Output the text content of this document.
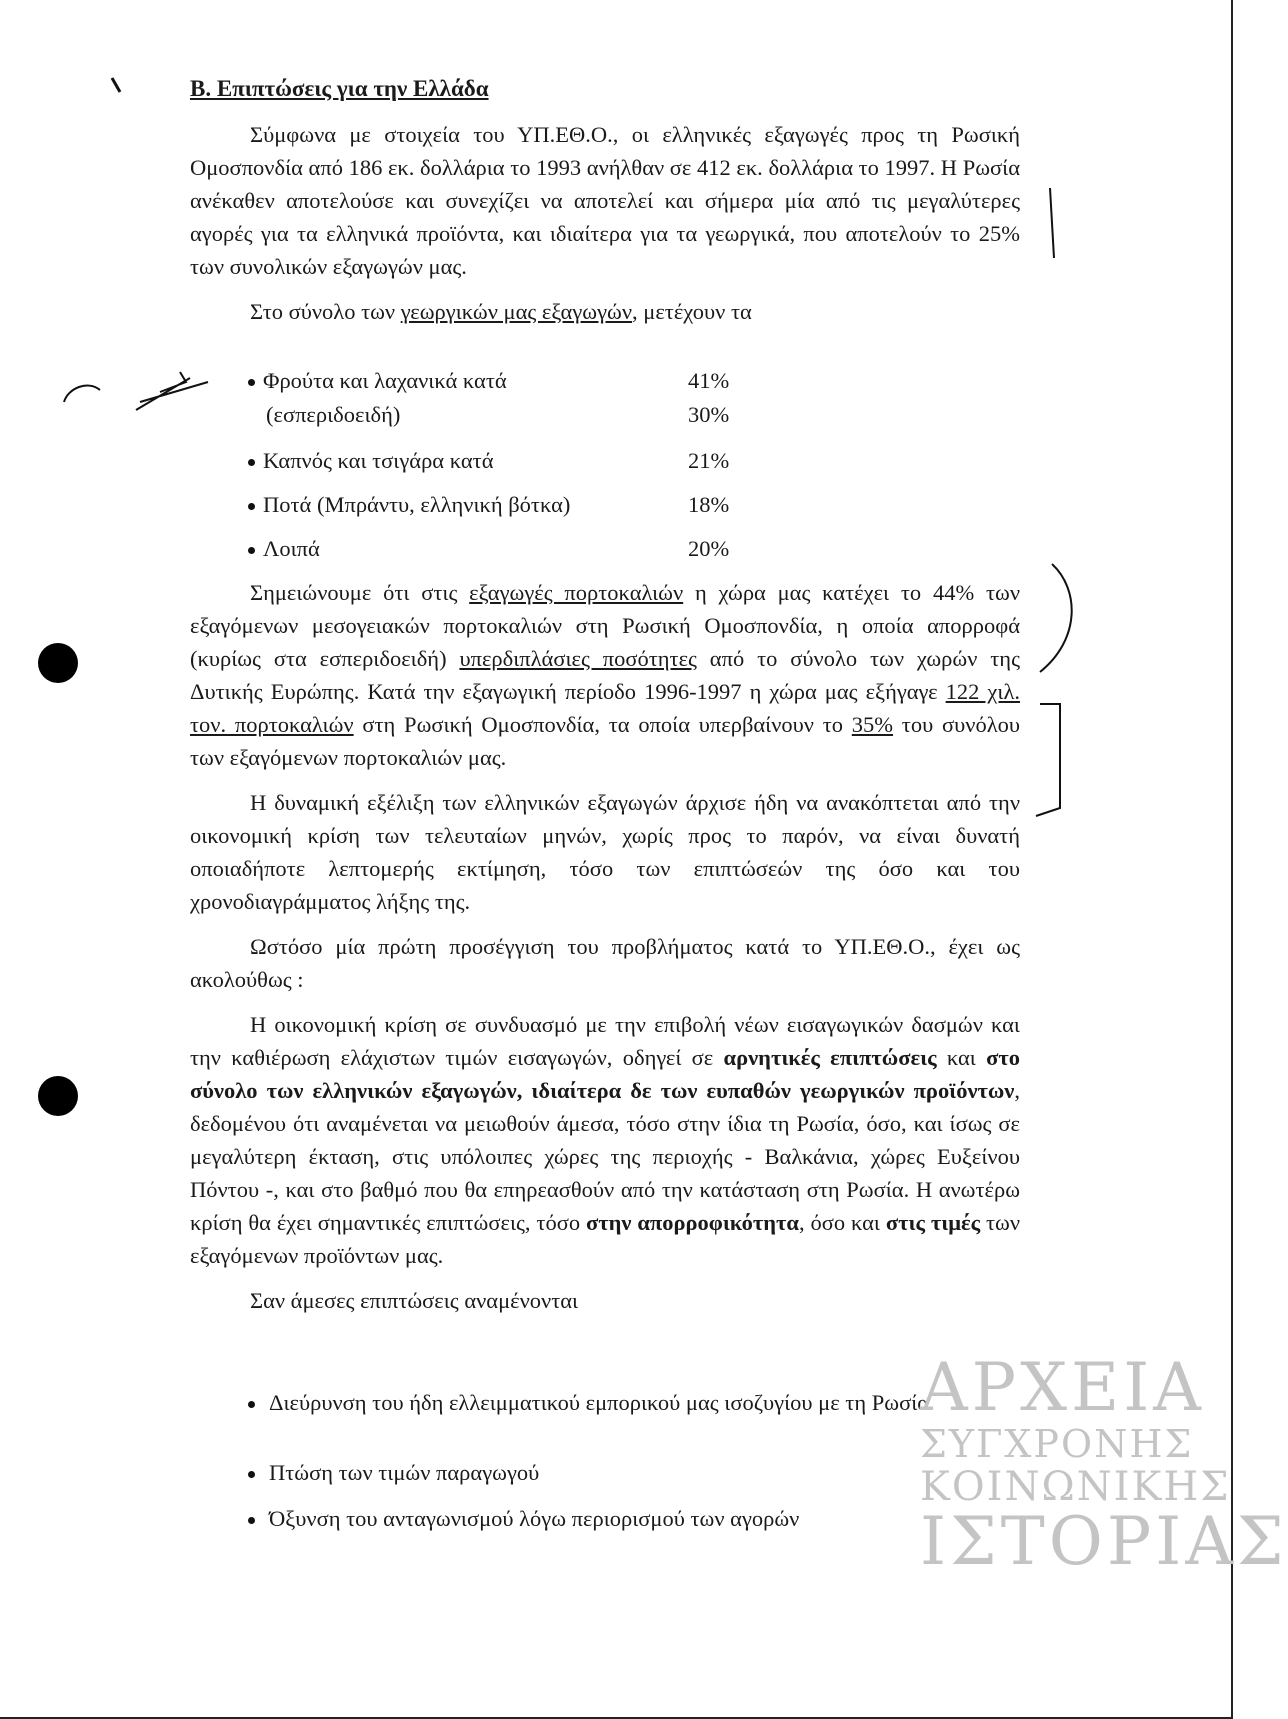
Β. Επιπτώσεις για την Ελλάδα

Σύμφωνα με στοιχεία του ΥΠ.ΕΘ.Ο., οι ελληνικές εξαγωγές προς τη Ρωσική Ομοσπονδία από 186 εκ. δολλάρια το 1993 ανήλθαν σε 412 εκ. δολλάρια το 1997. Η Ρωσία ανέκαθεν αποτελούσε και συνεχίζει να αποτελεί και σήμερα μία από τις μεγαλύτερες αγορές για τα ελληνικά προϊόντα, και ιδιαίτερα για τα γεωργικά, που αποτελούν το 25% των συνολικών εξαγωγών μας.

Στο σύνολο των γεωργικών μας εξαγωγών, μετέχουν τα

Φρούτα και λαχανικά κατά	41%
(εσπεριδοειδή)	30%
Καπνός και τσιγάρα κατά	21%
Ποτά (Μπράντυ, ελληνική βότκα)	18%
Λοιπά	20%

Σημειώνουμε ότι στις εξαγωγές πορτοκαλιών η χώρα μας κατέχει το 44% των εξαγόμενων μεσογειακών πορτοκαλιών στη Ρωσική Ομοσπονδία, η οποία απορροφά (κυρίως στα εσπεριδοειδή) υπερδιπλάσιες ποσότητες από το σύνολο των χωρών της Δυτικής Ευρώπης. Κατά την εξαγωγική περίοδο 1996-1997 η χώρα μας εξήγαγε 122 χιλ. τον. πορτοκαλιών στη Ρωσική Ομοσπονδία, τα οποία υπερβαίνουν το 35% του συνόλου των εξαγόμενων πορτοκαλιών μας.

Η δυναμική εξέλιξη των ελληνικών εξαγωγών άρχισε ήδη να ανακόπτεται από την οικονομική κρίση των τελευταίων μηνών, χωρίς προς το παρόν, να είναι δυνατή οποιαδήποτε λεπτομερής εκτίμηση, τόσο των επιπτώσεών της όσο και του χρονοδιαγράμματος λήξης της.

Ωστόσο μία πρώτη προσέγγιση του προβλήματος κατά το ΥΠ.ΕΘ.Ο., έχει ως ακολούθως :

Η οικονομική κρίση σε συνδυασμό με την επιβολή νέων εισαγωγικών δασμών και την καθιέρωση ελάχιστων τιμών εισαγωγών, οδηγεί σε αρνητικές επιπτώσεις και στο σύνολο των ελληνικών εξαγωγών, ιδιαίτερα δε των ευπαθών γεωργικών προϊόντων, δεδομένου ότι αναμένεται να μειωθούν άμεσα, τόσο στην ίδια τη Ρωσία, όσο, και ίσως σε μεγαλύτερη έκταση, στις υπόλοιπες χώρες της περιοχής - Βαλκάνια, χώρες Ευξείνου Πόντου -, και στο βαθμό που θα επηρεασθούν από την κατάσταση στη Ρωσία. Η ανωτέρω κρίση θα έχει σημαντικές επιπτώσεις, τόσο στην απορροφικότητα, όσο και στις τιμές των εξαγόμενων προϊόντων μας.

Σαν άμεσες επιπτώσεις αναμένονται

Διεύρυνση του ήδη ελλειμματικού εμπορικού μας ισοζυγίου με τη Ρωσία
Πτώση των τιμών παραγωγού
Όξυνση του ανταγωνισμού λόγω περιορισμού των αγορών
ΑΡΧΕΙΑ
ΣΥΓΧΡΟΝΗΣ
ΚΟΙΝΩΝΙΚΗΣ
ΙΣΤΟΡΙΑΣ
